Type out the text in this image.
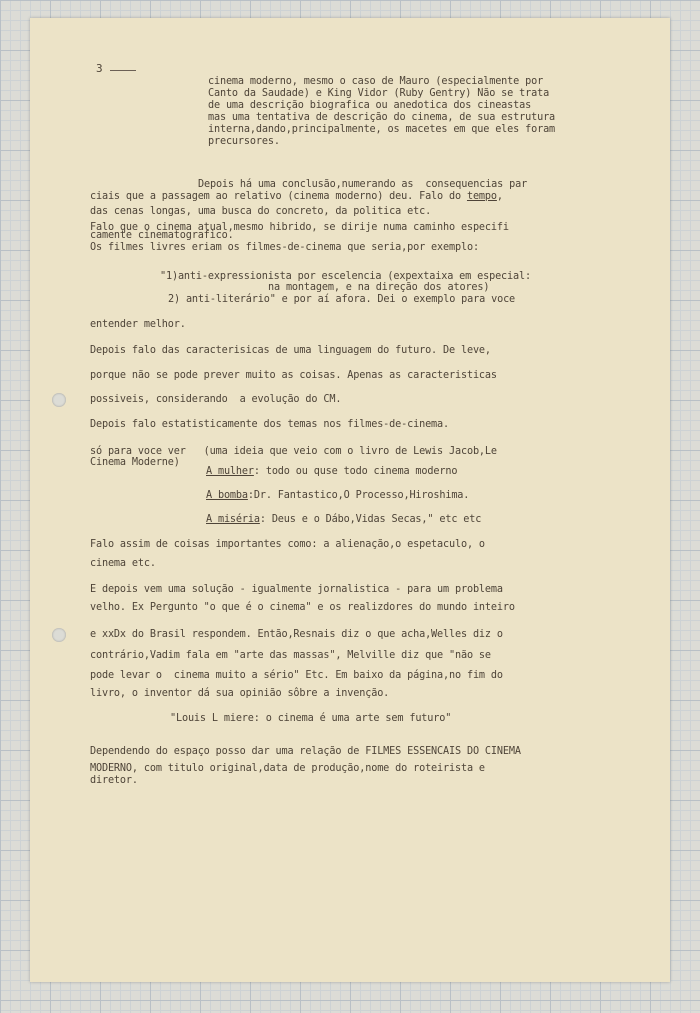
3

cinema moderno, mesmo o caso de Mauro (especialmente por

Canto da Saudade) e King Vidor (Ruby Gentry) Não se trata

de uma descrição biografica ou anedotica dos cineastas

mas uma tentativa de descrição do cinema, de sua estrutura

interna,dando,principalmente, os macetes em que eles foram

precursores.

Depois há uma conclusão,numerando as  consequencias par

ciais que a passagem ao relativo (cinema moderno) deu. Falo do tempo,

das cenas longas, uma busca do concreto, da politica etc.

Falo que o cinema atual,mesmo hibrido, se dirije numa caminho especifi

camente cinematografico.

Os filmes livres eriam os filmes-de-cinema que seria,por exemplo:

"1)anti-expressionista por escelencia (expextaixa em especial:

na montagem, e na direção dos atores)

2) anti-literário" e por aí afora. Dei o exemplo para voce

entender melhor.

Depois falo das caracterisicas de uma linguagem do futuro. De leve,

porque não se pode prever muito as coisas. Apenas as caracteristicas

possiveis, considerando  a evolução do CM.

Depois falo estatisticamente dos temas nos filmes-de-cinema.

só para voce ver   (uma ideia que veio com o livro de Lewis Jacob,Le

Cinema Moderne)

A mulher: todo ou quse todo cinema moderno

A bomba:Dr. Fantastico,O Processo,Hiroshima.

A miséria: Deus e o Dábo,Vidas Secas," etc etc

Falo assim de coisas importantes como: a alienação,o espetaculo, o

cinema etc.

E depois vem uma solução - igualmente jornalistica - para um problema

velho. Ex Pergunto "o que é o cinema" e os realizdores do mundo inteiro

e xxDx do Brasil respondem. Então,Resnais diz o que acha,Welles diz o

contrário,Vadim fala em "arte das massas", Melville diz que "não se

pode levar o  cinema muito a sério" Etc. Em baixo da página,no fim do

livro, o inventor dá sua opinião sôbre a invenção.

"Louis L miere: o cinema é uma arte sem futuro"

Dependendo do espaço posso dar uma relação de FILMES ESSENCAIS DO CINEMA

MODERNO, com titulo original,data de produção,nome do roteirista e

diretor.
